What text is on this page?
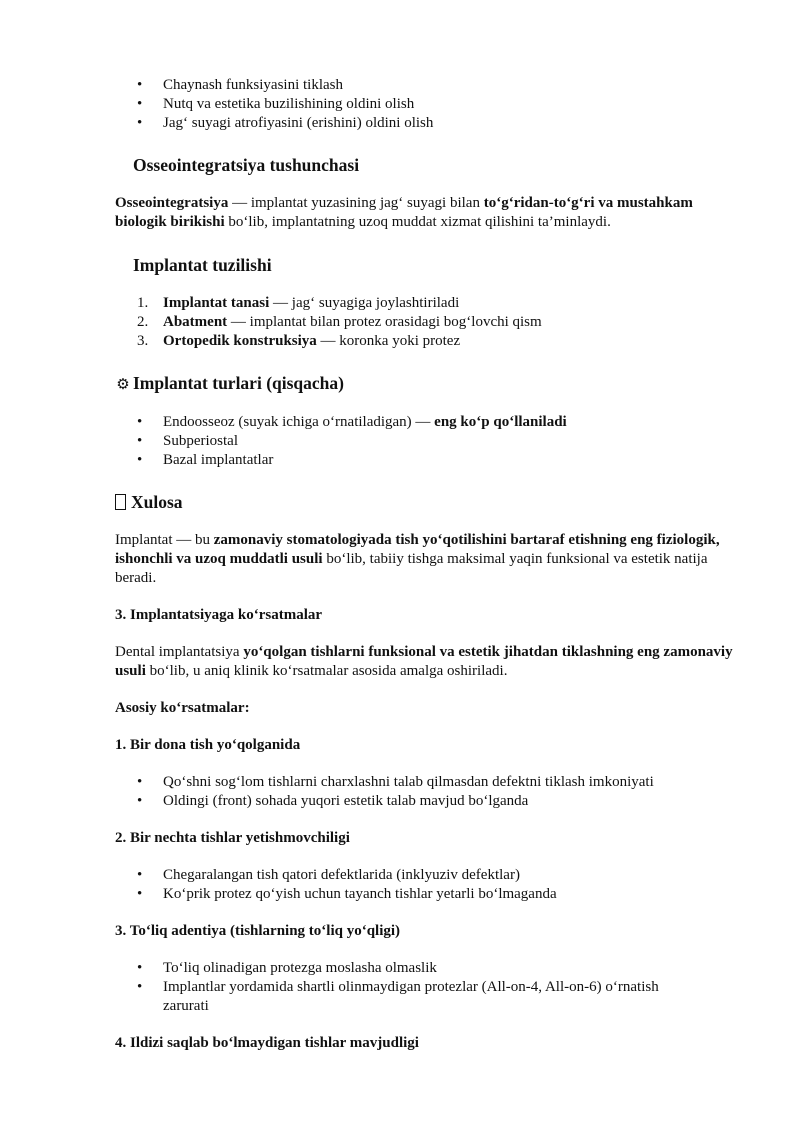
• Chaynash funksiyasini tiklash
• Nutq va estetika buzilishining oldini olish
• Jag‘ suyagi atrofiyasini (erishini) oldini olish
Osseointegratsiya tushunchasi

Osseointegratsiya — implantat yuzasining jag‘ suyagi bilan to‘g‘ridan-to‘g‘ri va mustahkam biologik birikishi bo‘lib, implantatning uzoq muddat xizmat qilishini ta’minlaydi.

Implantat tuzilishi
1. Implantat tanasi — jag‘ suyagiga joylashtiriladi
2. Abatment — implantat bilan protez orasidagi bog‘lovchi qism
3. Ortopedik konstruksiya — koronka yoki protez
⚙ Implantat turlari (qisqacha)
• Endoosseoz (suyak ichiga o‘rnatiladigan) — eng ko‘p qo‘llaniladi
• Subperiostal
• Bazal implantatlar
Xulosa

Implantat — bu zamonaviy stomatologiyada tish yo‘qotilishini bartaraf etishning eng fiziologik, ishonchli va uzoq muddatli usuli bo‘lib, tabiiy tishga maksimal yaqin funksional va estetik natija beradi.

3. Implantatsiyaga ko‘rsatmalar

Dental implantatsiya yo‘qolgan tishlarni funksional va estetik jihatdan tiklashning eng zamonaviy usuli bo‘lib, u aniq klinik ko‘rsatmalar asosida amalga oshiriladi.

Asosiy ko‘rsatmalar:
1. Bir dona tish yo‘qolganida
• Qo‘shni sog‘lom tishlarni charxlashni talab qilmasdan defektni tiklash imkoniyati
• Oldingi (front) sohada yuqori estetik talab mavjud bo‘lganda
2. Bir nechta tishlar yetishmovchiligi
• Chegaralangan tish qatori defektlarida (inklyuziv defektlar)
• Ko‘prik protez qo‘yish uchun tayanch tishlar yetarli bo‘lmaganda
3. To‘liq adentiya (tishlarning to‘liq yo‘qligi)
• To‘liq olinadigan protezga moslasha olmaslik
• Implantlar yordamida shartli olinmaydigan protezlar (All-on-4, All-on-6) o‘rnatish zarurati
4. Ildizi saqlab bo‘lmaydigan tishlar mavjudligi
